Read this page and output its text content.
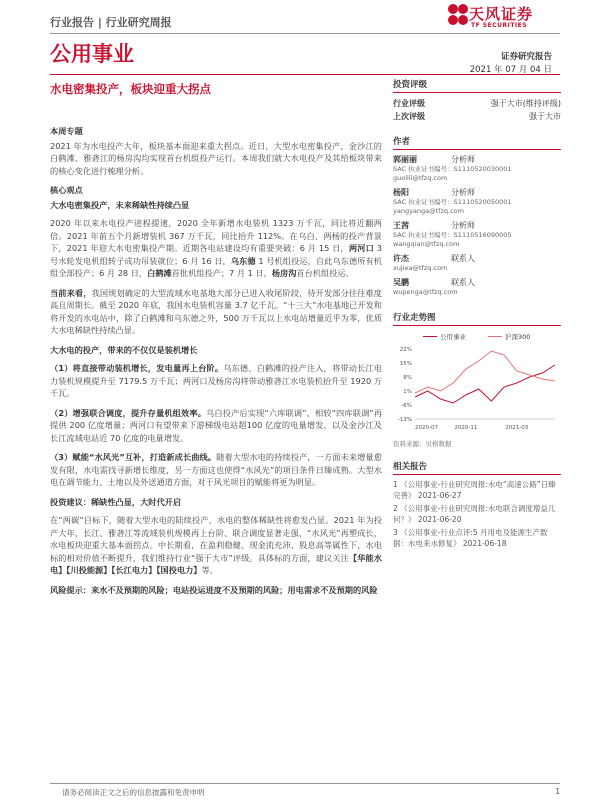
行业报告 | 行业研究周报	天风证券
TF SECURITIES
公用事业	证券研究报告
2021 年 07 月 04 日
水电密集投产，板块迎重大拐点

本周专题

2021 年为水电投产大年，板块基本面迎来重大拐点。近日，大型水电密集投产，金沙江的白鹤滩、雅砻江的杨房沟均实现首台机组投产运行。本周我们就大水电投产及其给板块带来的核心变化进行梳理分析。

核心观点

大水电密集投产，未来稀缺性持续凸显

2020 年以来水电投产进程提速，2020 全年新增水电装机 1323 万千瓦，同比将近翻两倍。2021 年前五个月新增装机 367 万千瓦，同比抬升 112%。在乌白、两杨的投产背景下，2021 年迎大水电密集投产期。近期各电站建设均有重要突破：6 月 15 日，两河口 3 号水轮发电机组转子成功吊装就位；6 月 16 日，乌东德 1 号机组投运，自此乌东德所有机组全部投产；6 月 28 日，白鹤滩首批机组投产；7 月 1 日，杨房沟首台机组投运。

当前来看，我国规划确定的大型流域水电基地大部分已进入收尾阶段，待开发部分往往难度高且周期长。截至 2020 年底，我国水电装机容量 3.7 亿千瓦。“十三大”水电基地已开发和将开发的水电站中，除了白鹤滩和乌东德之外，500 万千瓦以上水电站增量近乎为零，优质大水电稀缺性持续凸显。

大水电的投产，带来的不仅仅是装机增长

（1）将直接带动装机增长，发电量再上台阶。乌东德、白鹤滩的投产注入，将带动长江电力装机规模提升至 7179.5 万千瓦；两河口及杨房沟将带动雅砻江水电装机抬升至 1920 万千瓦。

（2）增强联合调度，提升存量机组效率。乌白投产后实现“六库联调”，相较“四库联调”再提供 200 亿度增量；两河口有望带来下游梯级电站超100 亿度的电量增发，以及金沙江及长江流域电站近 70 亿度的电量增发。

（3）赋能“水风光”互补，打造新成长曲线。随着大型水电的持续投产，一方面未来增量愈发有限，水电需找寻新增长维度，另一方面这也使得“水风光”的项目条件日臻成熟。大型水电在调节能力、土地以及外送通道方面，对于风光项目的赋能将更为明显。

投资建议：稀缺性凸显，大时代开启

在“两碳”目标下，随着大型水电的陆续投产，水电的整体稀缺性将愈发凸显。2021 年为投产大年，长江、雅砻江等流域装机规模再上台阶、联合调度显著走强、“水风光”再塑成长，水电板块迎重大基本面拐点。中长期看，在盈利稳健、现金流充沛、股息高等属性下，水电标的相对价值不断提升，我们维持行业“强于大市”评级。具体标的方面，建议关注【华能水电】【川投能源】【长江电力】【国投电力】等。

风险提示：来水不及预期的风险；电站投运进度不及预期的风险；用电需求不及预期的风险

投资评级
行业评级	强于大市(维持评级)
上次评级	强于大市
作者
郭丽丽	分析师
SAC 执业证书编号：S1110520030001
guolili@tfzq.com
杨阳	分析师
SAC 执业证书编号：S1110520050001
yangyanga@tfzq.com
王茜	分析师
SAC 执业证书编号：S1110516090005
wangqian@tfzq.com
许杰	联系人
xujiea@tfzq.com
吴鹏	联系人
wupenga@tfzq.com
行业走势图
公用事业	沪深300
22%
15%
8%
1%
-6%
-13%
2020-07	2020-11	2021-03
资料来源：贝格数据
相关报告
1 《公用事业-行业研究周报:水电“高速公路”日臻完善》 2021-06-27
2 《公用事业-行业研究周报:水电联合调度增益几何？》 2021-06-20
3 《公用事业-行业点评:5 月用电及能源生产数据：水电来水修复》 2021-06-18
请务必阅读正文之后的信息披露和免责申明	1
